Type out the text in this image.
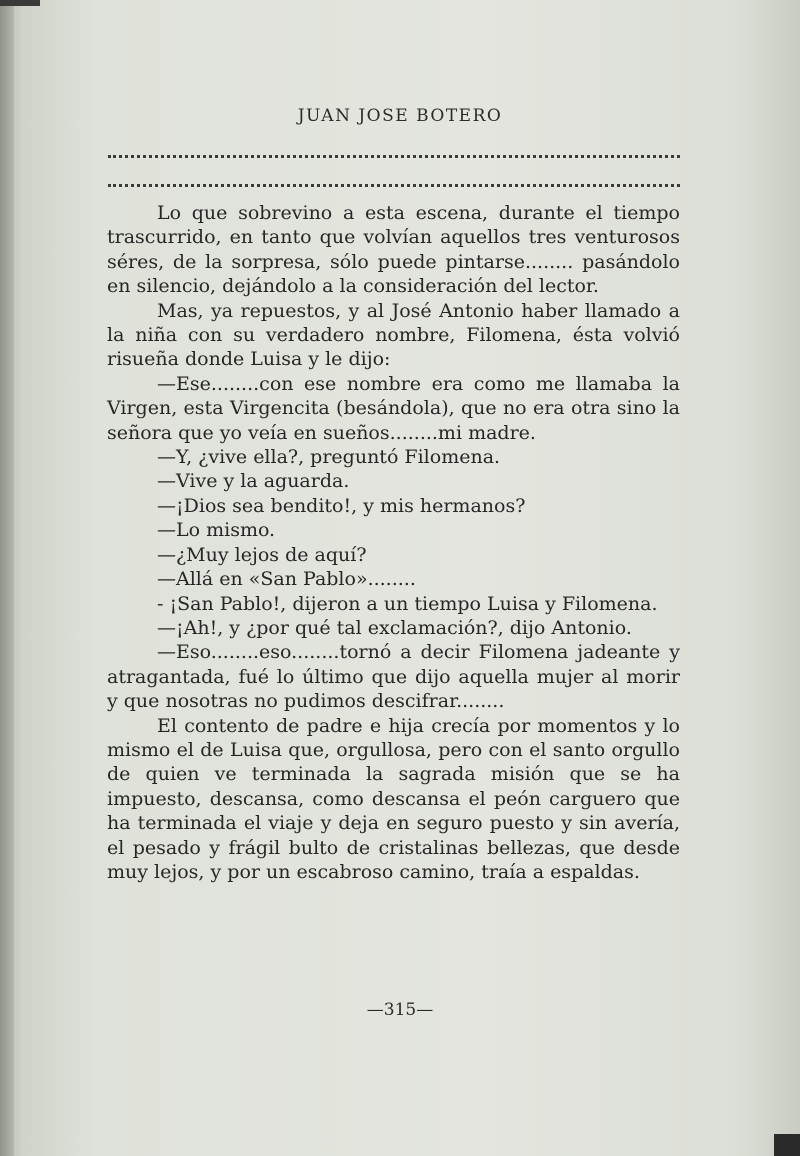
JUAN JOSE BOTERO

Lo que sobrevino a esta escena, durante el tiempo trascurrido, en tanto que volvían aquellos tres venturosos séres, de la sorpresa, sólo puede pintarse........ pasándolo en silencio, dejándolo a la consideración del lector.

Mas, ya repuestos, y al José Antonio haber llamado a la niña con su verdadero nombre, Filomena, ésta volvió risueña donde Luisa y le dijo:

—Ese........con ese nombre era como me llamaba la Virgen, esta Virgencita (besándola), que no era otra sino la señora que yo veía en sueños........mi madre.

—Y, ¿vive ella?, preguntó Filomena.

—Vive y la aguarda.

—¡Dios sea bendito!, y mis hermanos?

—Lo mismo.

—¿Muy lejos de aquí?

—Allá en «San Pablo»........

- ¡San Pablo!, dijeron a un tiempo Luisa y Filomena.

—¡Ah!, y ¿por qué tal exclamación?, dijo Antonio.

—Eso........eso........tornó a decir Filomena jadeante y atragantada, fué lo último que dijo aquella mujer al morir y que nosotras no pudimos descifrar........

El contento de padre e hija crecía por momentos y lo mismo el de Luisa que, orgullosa, pero con el santo orgullo de quien ve terminada la sagrada misión que se ha impuesto, descansa, como descansa el peón carguero que ha terminada el viaje y deja en seguro puesto y sin avería, el pesado y frágil bulto de cristalinas bellezas, que desde muy lejos, y por un escabroso camino, traía a espaldas.

—315—
